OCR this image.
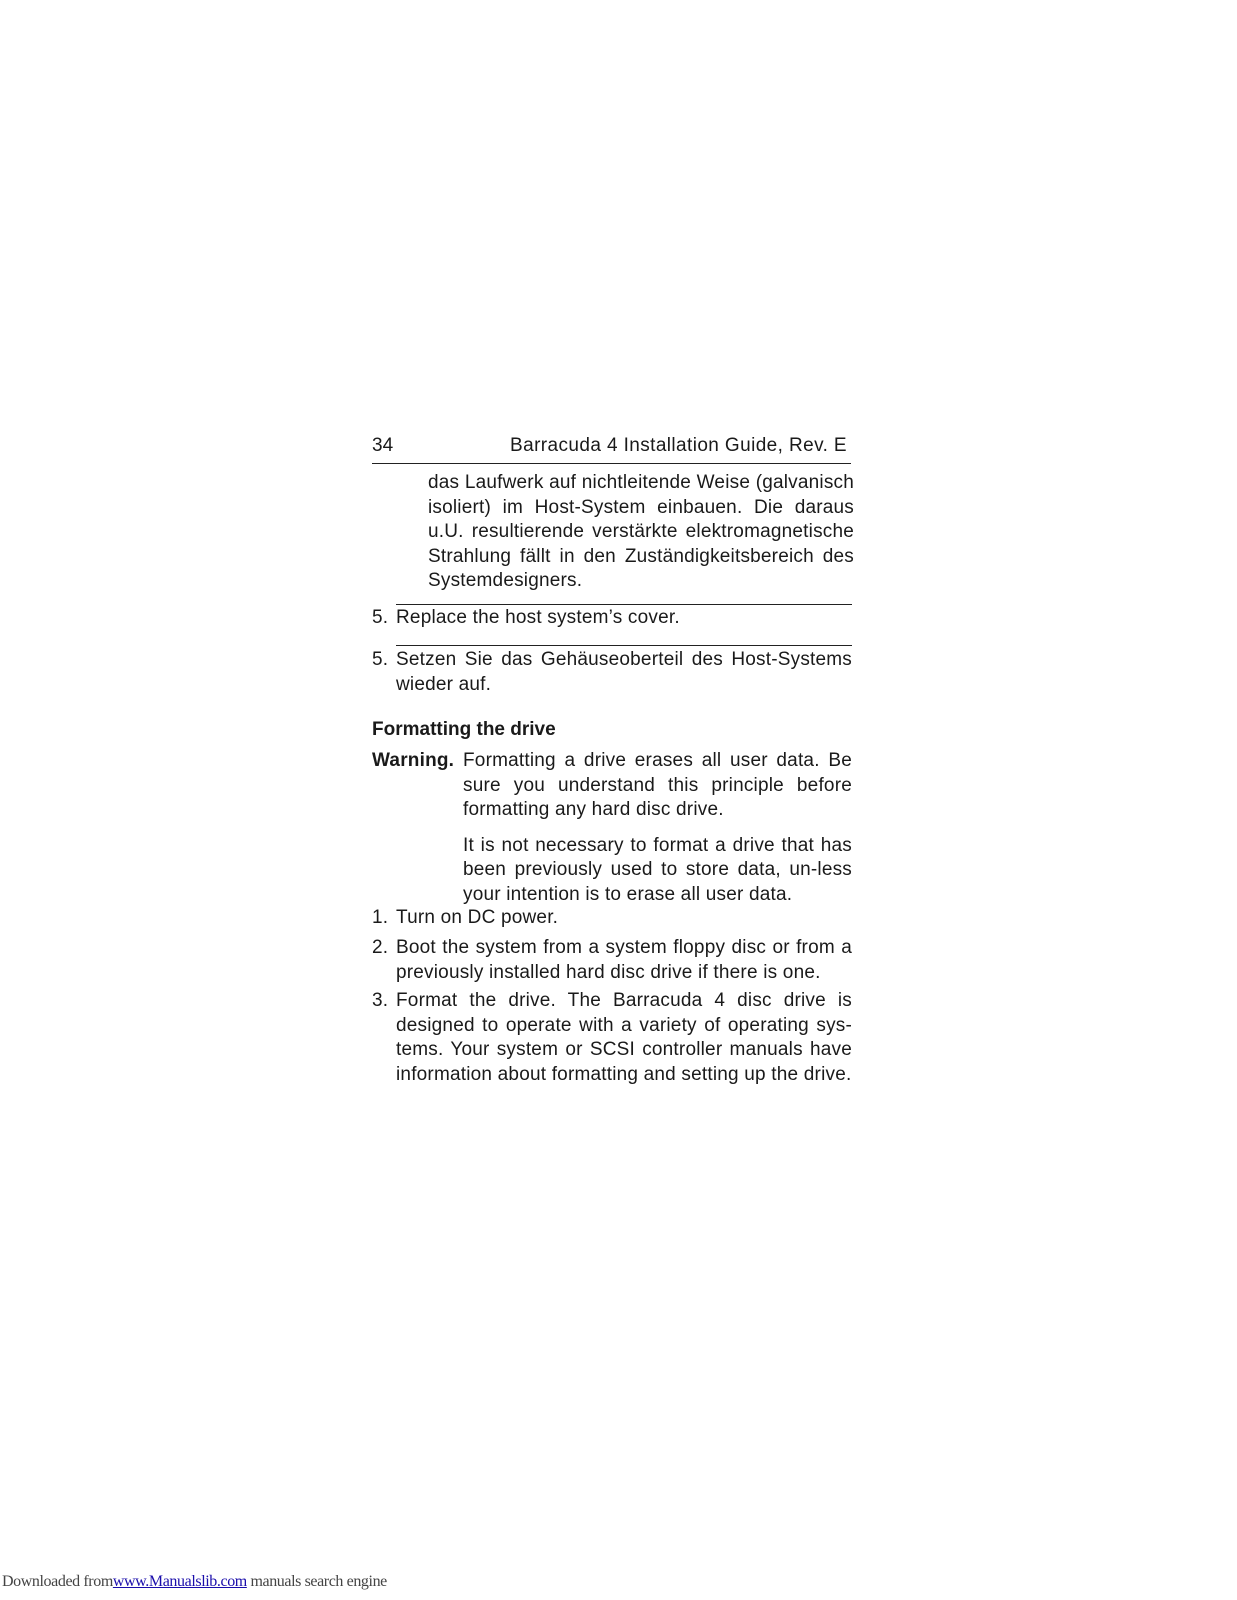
34	Barracuda 4 Installation Guide, Rev. E
das Laufwerk auf nichtleitende Weise (galvanisch isoliert) im Host-System einbauen. Die daraus u.U. resultierende verstärkte elektromagnetische Strahlung fällt in den Zuständigkeitsbereich des Systemdesigners.
5. Replace the host system’s cover.
5. Setzen Sie das Gehäuseoberteil des Host-Systems wieder auf.
Formatting the drive
Warning. Formatting a drive erases all user data. Be sure you understand this principle before formatting any hard disc drive.
It is not necessary to format a drive that has been previously used to store data, un-less your intention is to erase all user data.
1. Turn on DC power.
2. Boot the system from a system floppy disc or from a previously installed hard disc drive if there is one.
3. Format the drive. The Barracuda 4 disc drive is designed to operate with a variety of operating sys-tems. Your system or SCSI controller manuals have information about formatting and setting up the drive.
Downloaded fromwww.Manualslib.com manuals search engine
